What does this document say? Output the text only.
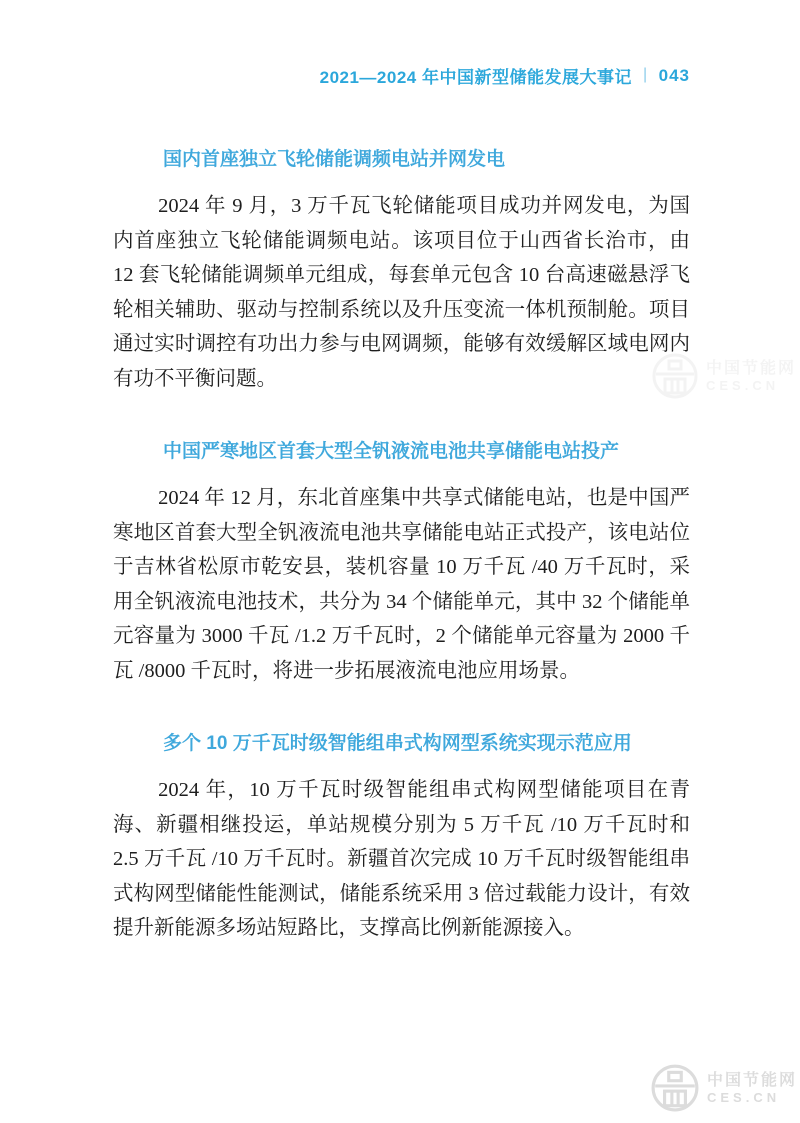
2021—2024 年中国新型储能发展大事记 | 043
国内首座独立飞轮储能调频电站并网发电

2024 年 9 月，3 万千瓦飞轮储能项目成功并网发电，为国内首座独立飞轮储能调频电站。该项目位于山西省长治市，由 12 套飞轮储能调频单元组成，每套单元包含 10 台高速磁悬浮飞轮相关辅助、驱动与控制系统以及升压变流一体机预制舱。项目通过实时调控有功出力参与电网调频，能够有效缓解区域电网内有功不平衡问题。

中国严寒地区首套大型全钒液流电池共享储能电站投产

2024 年 12 月，东北首座集中共享式储能电站，也是中国严寒地区首套大型全钒液流电池共享储能电站正式投产，该电站位于吉林省松原市乾安县，装机容量 10 万千瓦 /40 万千瓦时，采用全钒液流电池技术，共分为 34 个储能单元，其中 32 个储能单元容量为 3000 千瓦 /1.2 万千瓦时，2 个储能单元容量为 2000 千瓦 /8000 千瓦时，将进一步拓展液流电池应用场景。

多个 10 万千瓦时级智能组串式构网型系统实现示范应用

2024 年，10 万千瓦时级智能组串式构网型储能项目在青海、新疆相继投运，单站规模分别为 5 万千瓦 /10 万千瓦时和 2.5 万千瓦 /10 万千瓦时。新疆首次完成 10 万千瓦时级智能组串式构网型储能性能测试，储能系统采用 3 倍过载能力设计，有效提升新能源多场站短路比，支撑高比例新能源接入。

中国节能网
CES.CN
中国节能网
CES.CN
